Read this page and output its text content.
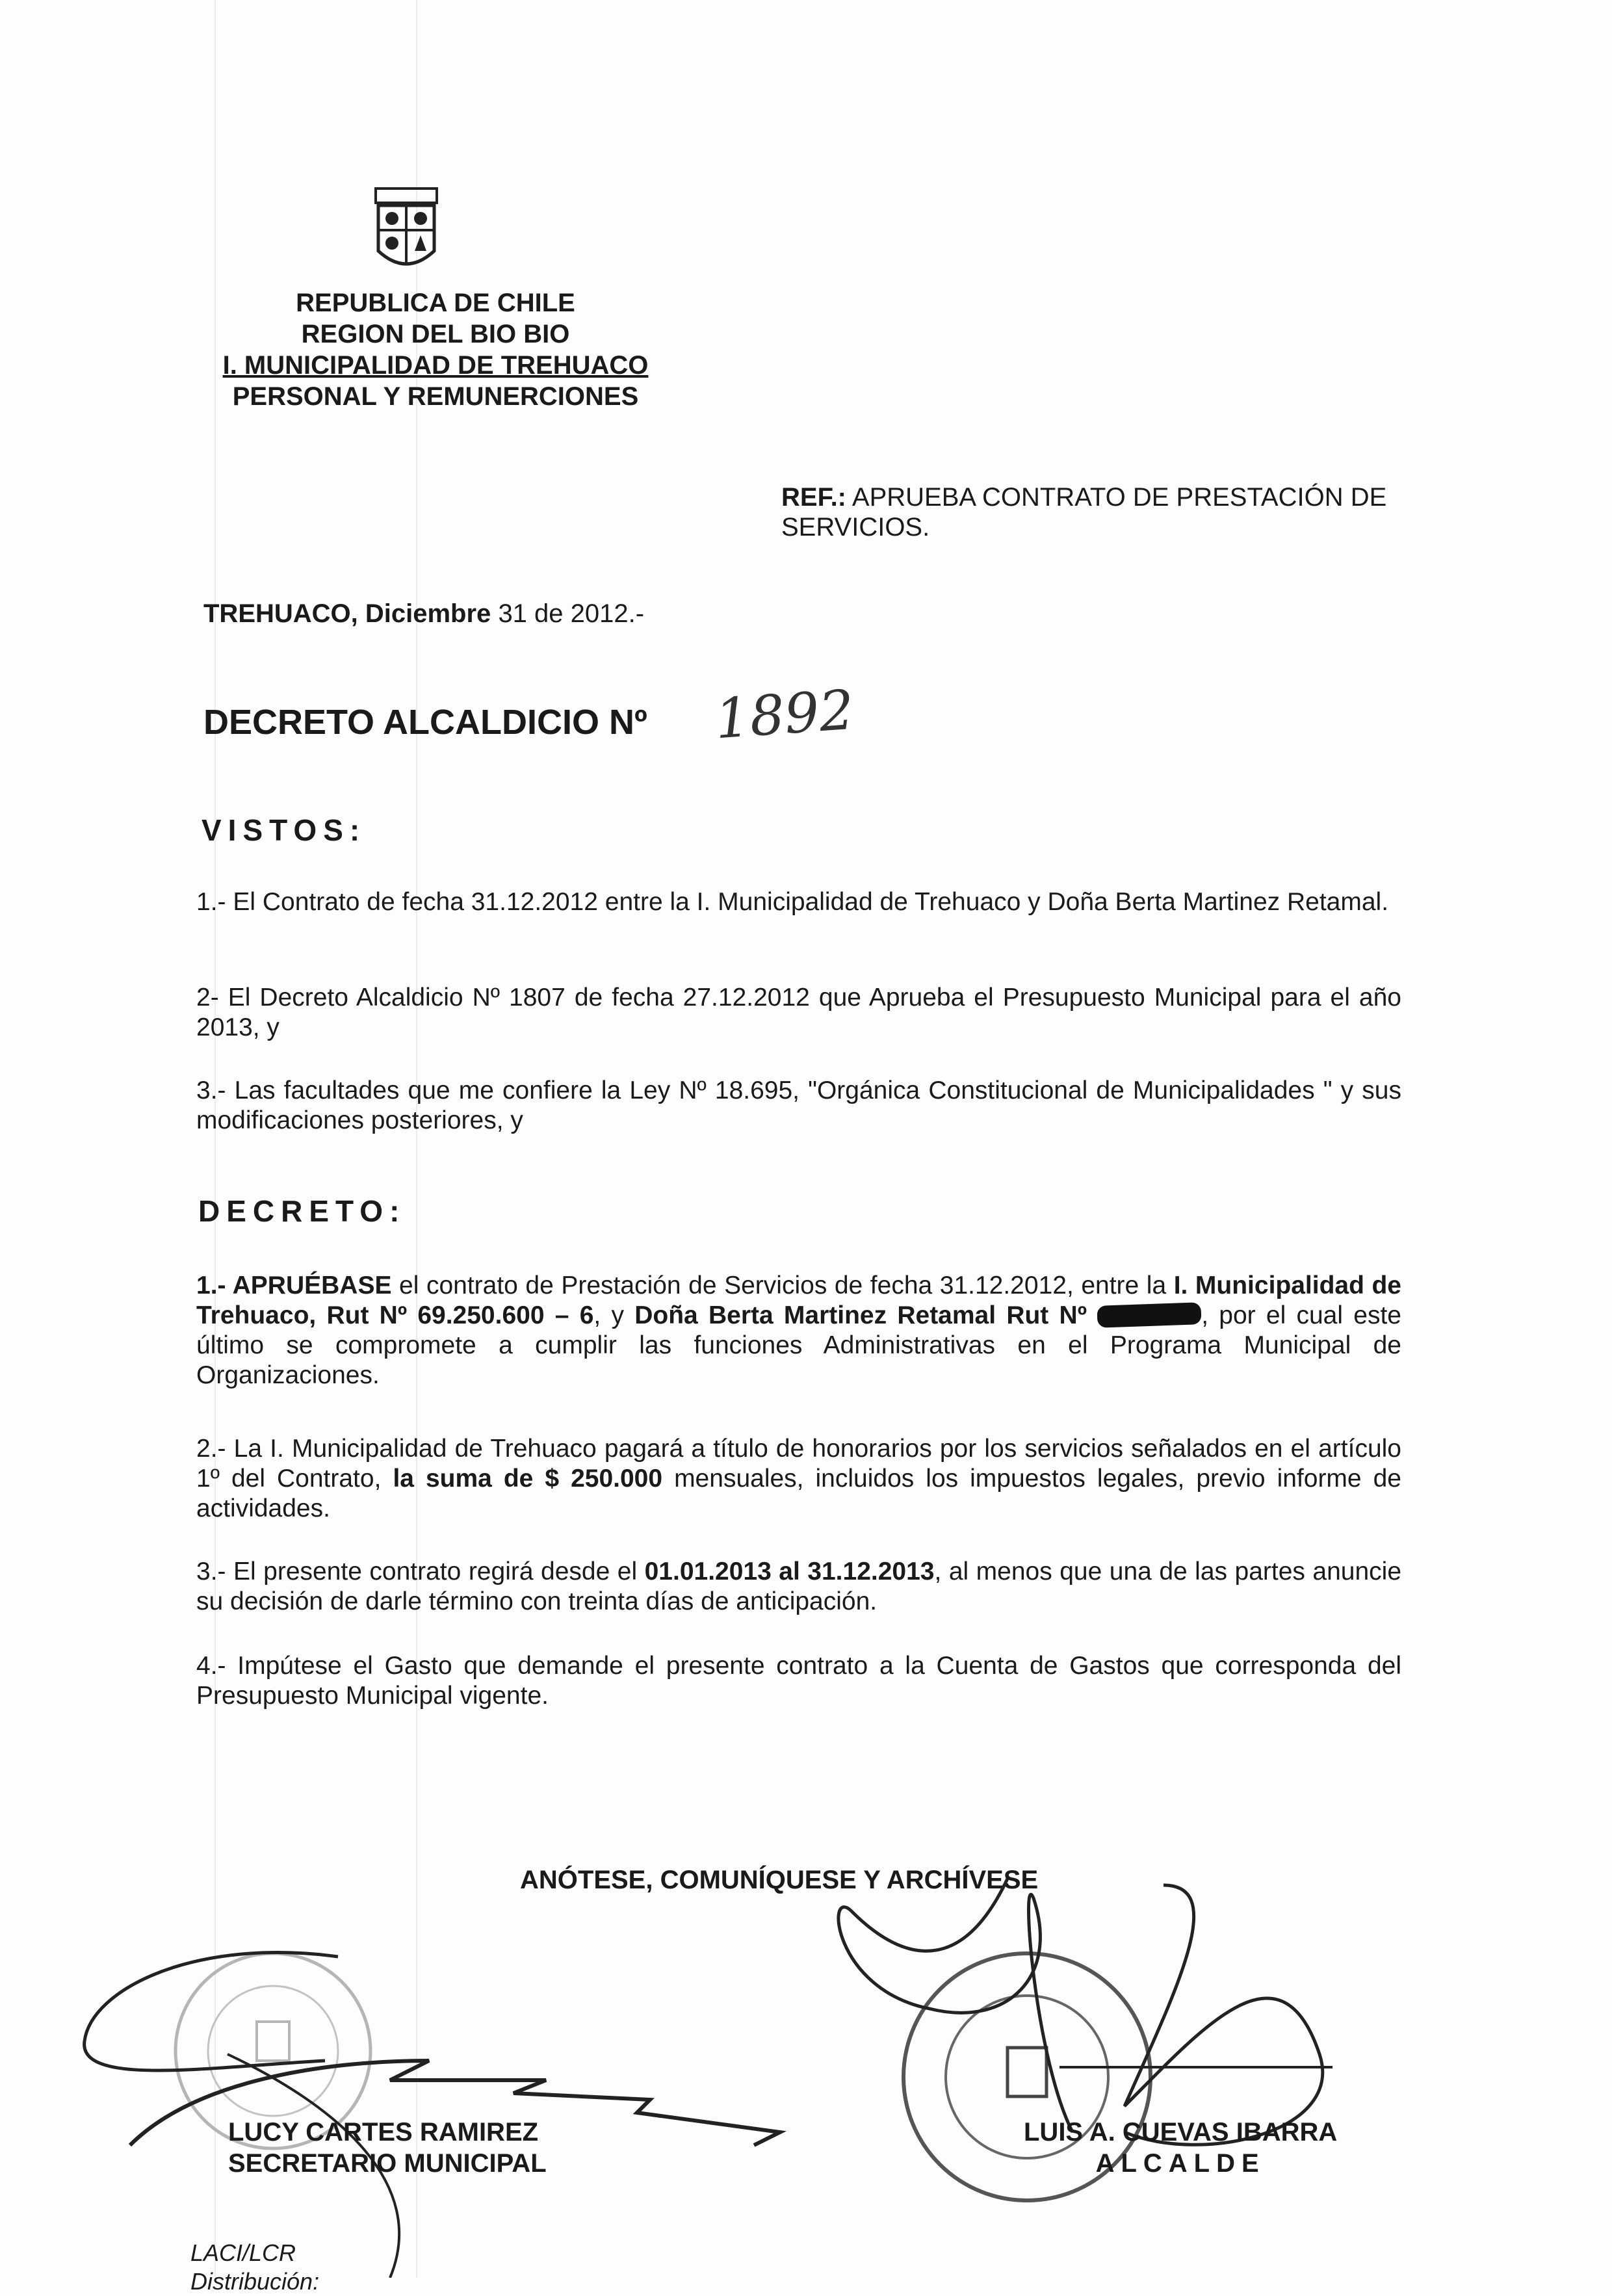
REPUBLICA DE CHILE
REGION DEL BIO BIO
I. MUNICIPALIDAD DE TREHUACO
PERSONAL Y REMUNERCIONES
REF.: APRUEBA CONTRATO DE PRESTACIÓN DE SERVICIOS.
TREHUACO, Diciembre 31 de 2012.-
DECRETO ALCALDICIO Nº 1892
VISTOS:
1.- El Contrato de fecha 31.12.2012 entre la I. Municipalidad de Trehuaco y Doña Berta Martinez Retamal.
2- El Decreto Alcaldicio Nº 1807 de fecha 27.12.2012 que Aprueba el Presupuesto Municipal para el año 2013, y
3.- Las facultades que me confiere la Ley Nº 18.695, "Orgánica Constitucional de Municipalidades " y sus modificaciones posteriores, y
DECRETO:
1.- APRUÉBASE el contrato de Prestación de Servicios de fecha 31.12.2012, entre la I. Municipalidad de Trehuaco, Rut Nº 69.250.600 – 6, y Doña Berta Martinez Retamal Rut Nº	, por el cual este último se compromete a cumplir las funciones Administrativas en el Programa Municipal de Organizaciones.
2.- La I. Municipalidad de Trehuaco pagará a título de honorarios por los servicios señalados en el artículo 1º del Contrato, la suma de $ 250.000 mensuales, incluidos los impuestos legales, previo informe de actividades.
3.- El presente contrato regirá desde el 01.01.2013 al 31.12.2013, al menos que una de las partes anuncie su decisión de darle término con treinta días de anticipación.
4.- Impútese el Gasto que demande el presente contrato a la Cuenta de Gastos que corresponda del Presupuesto Municipal vigente.
ANÓTESE, COMUNÍQUESE Y ARCHÍVESE
LUCY CARTES RAMIREZ
SECRETARIO MUNICIPAL
LUIS A. CUEVAS IBARRA
ALCALDE
LACI/LCR
Distribución:
